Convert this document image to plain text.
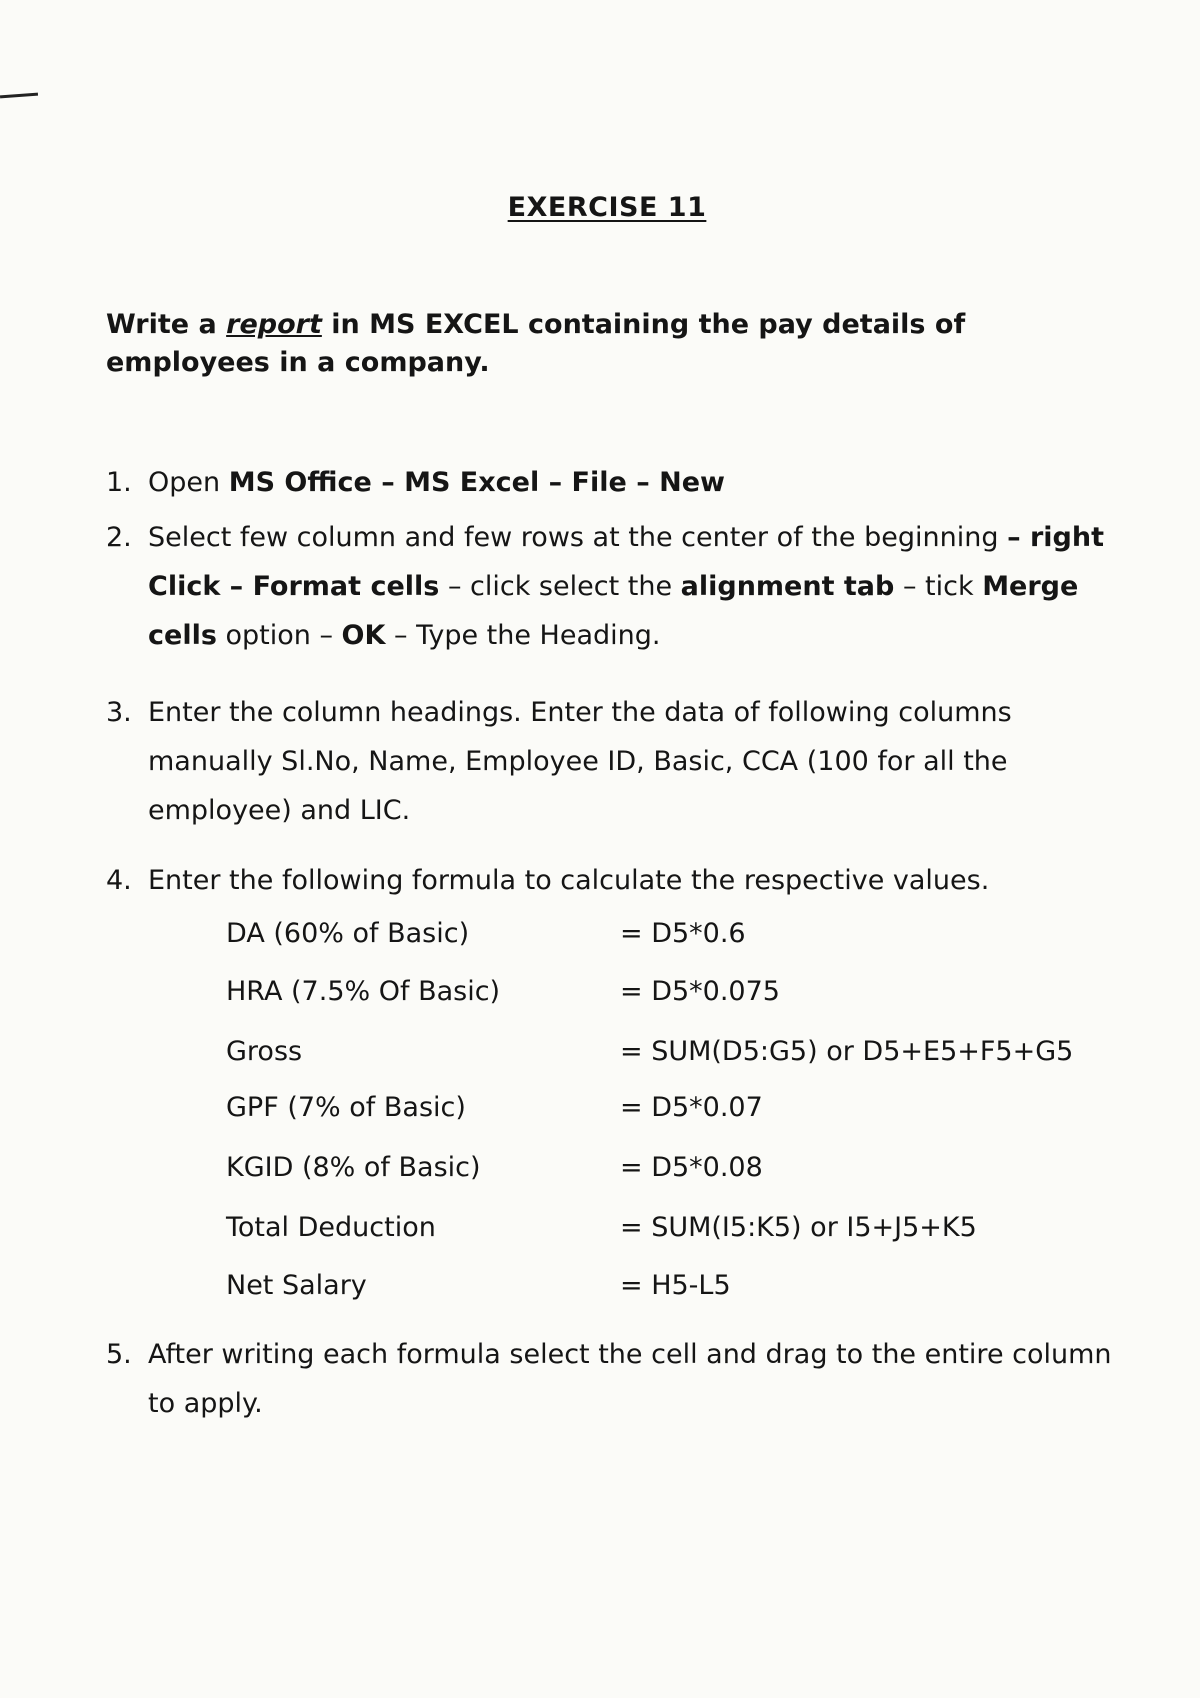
EXERCISE 11
Write a report in MS EXCEL containing the pay details of
employees in a company.
1. Open MS Office – MS Excel – File – New
2. Select few column and few rows at the center of the beginning – right Click – Format cells – click select the alignment tab – tick Merge cells option – OK – Type the Heading.
3. Enter the column headings. Enter the data of following columns manually Sl.No, Name, Employee ID, Basic, CCA (100 for all the employee) and LIC.
4. Enter the following formula to calculate the respective values.
DA (60% of Basic)	= D5*0.6
HRA (7.5% Of Basic)	= D5*0.075
Gross	= SUM(D5:G5) or D5+E5+F5+G5
GPF (7% of Basic)	= D5*0.07
KGID (8% of Basic)	= D5*0.08
Total Deduction	= SUM(I5:K5) or I5+J5+K5
Net Salary	= H5-L5
5. After writing each formula select the cell and drag to the entire column to apply.
